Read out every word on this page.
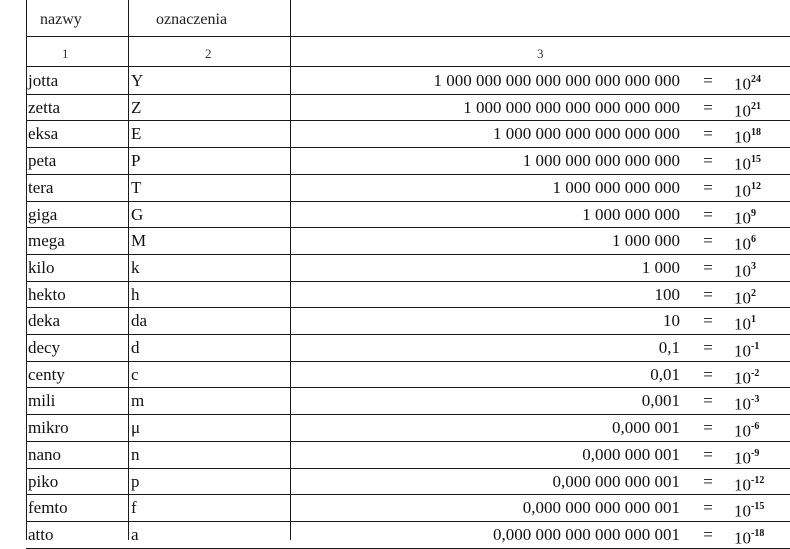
nazwy	oznaczenia
1	2	3
jotta	Y	1 000 000 000 000 000 000 000 000	=	$10^{24}$
zetta	Z	1 000 000 000 000 000 000 000	=	$10^{21}$
eksa	E	1 000 000 000 000 000 000	=	$10^{18}$
peta	P	1 000 000 000 000 000	=	$10^{15}$
tera	T	1 000 000 000 000	=	$10^{12}$
giga	G	1 000 000 000	=	$10^9$
mega	M	1 000 000	=	$10^6$
kilo	k	1 000	=	$10^3$
hekto	h	100	=	$10^2$
deka	da	10	=	$10^1$
decy	d	0,1	=	$10^{-1}$
centy	c	0,01	=	$10^{-2}$
mili	m	0,001	=	$10^{-3}$
mikro	μ	0,000 001	=	$10^{-6}$
nano	n	0,000 000 001	=	$10^{-9}$
piko	p	0,000 000 000 001	=	$10^{-12}$
femto	f	0,000 000 000 000 001	=	$10^{-15}$
atto	a	0,000 000 000 000 000 001	=	$10^{-18}$
